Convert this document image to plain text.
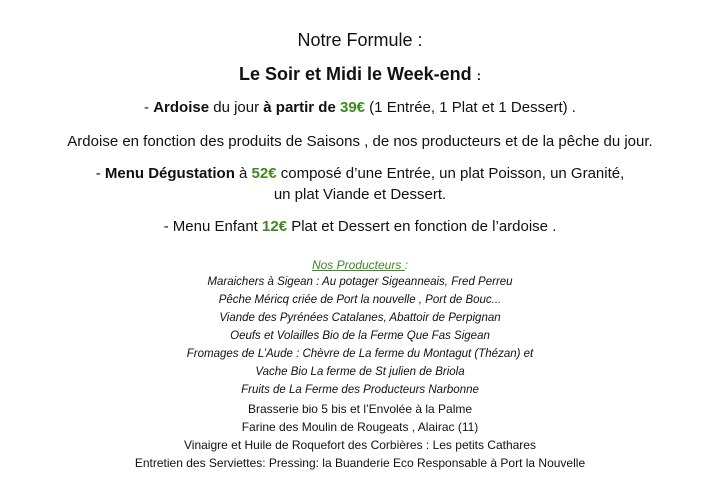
Notre Formule :
Le Soir et Midi le Week-end :
- Ardoise du jour à partir de 39€ (1 Entrée, 1 Plat et 1 Dessert) .
Ardoise en fonction des produits de Saisons , de nos producteurs et de la pêche du jour.
- Menu Dégustation à 52€ composé d’une Entrée, un plat Poisson, un Granité,
un plat Viande et Dessert.
- Menu Enfant 12€ Plat et Dessert en fonction de l’ardoise .
Nos Producteurs :
Maraichers à Sigean : Au potager Sigeanneais, Fred Perreu
Pêche Méricq criée de Port la nouvelle , Port de Bouc...
Viande des Pyrénées Catalanes, Abattoir de Perpignan
Oeufs et Volailles Bio de la Ferme Que Fas Sigean
Fromages de L’Aude : Chèvre de La ferme du Montagut (Thézan) et
Vache Bio La ferme de St julien de Briola
Fruits de La Ferme des Producteurs Narbonne
Brasserie bio 5 bis et l’Envolée à la Palme
Farine des Moulin de Rougeats , Alairac (11)
Vinaigre et Huile de Roquefort des Corbières : Les petits Cathares
Entretien des Serviettes: Pressing: la Buanderie Eco Responsable à Port la Nouvelle
